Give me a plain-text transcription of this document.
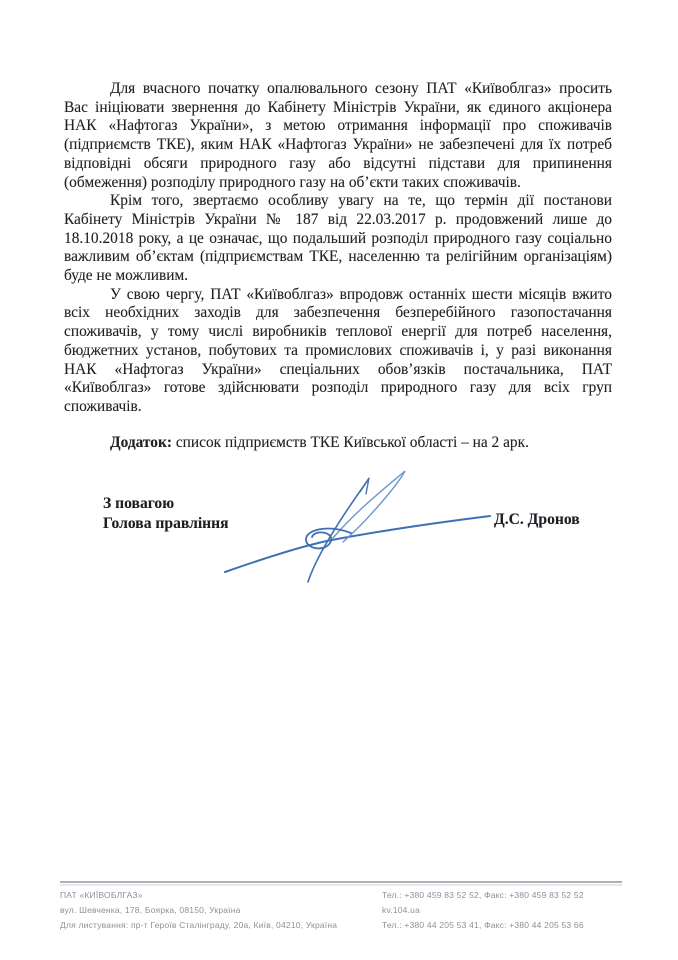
Для вчасного початку опалювального сезону ПАТ «Київоблгаз» просить Вас ініціювати звернення до Кабінету Міністрів України, як єдиного акціонера НАК «Нафтогаз України», з метою отримання інформації про споживачів (підприємств ТКЕ), яким НАК «Нафтогаз України» не забезпечені для їх потреб відповідні обсяги природного газу або відсутні підстави для припинення (обмеження) розподілу природного газу на об’єкти таких споживачів.

Крім того, звертаємо особливу увагу на те, що термін дії постанови Кабінету Міністрів України № 187 від 22.03.2017 р. продовжений лише до 18.10.2018 року, а це означає, що подальший розподіл природного газу соціально важливим об’єктам (підприємствам ТКЕ, населенню та релігійним організаціям) буде не можливим.

У свою чергу, ПАТ «Київоблгаз» впродовж останніх шести місяців вжито всіх необхідних заходів для забезпечення безперебійного газопостачання споживачів, у тому числі виробників теплової енергії для потреб населення, бюджетних установ, побутових та промислових споживачів і, у разі виконання НАК «Нафтогаз України» спеціальних обов’язків постачальника, ПАТ «Київоблгаз» готове здійснювати розподіл природного газу для всіх груп споживачів.

Додаток: список підприємств ТКЕ Київської області – на 2 арк.

З повагою
Голова правління	Д.С. Дронов
ПАТ «КИЇВОБЛГАЗ»
вул. Шевченка, 178, Боярка, 08150, Україна
Для листування: пр-т Героїв Сталінграду, 20а, Київ, 04210, Україна
Тел.: +380 459 83 52 52, Факс: +380 459 83 52 52
kv.104.ua
Тел.: +380 44 205 53 41, Факс: +380 44 205 53 66
